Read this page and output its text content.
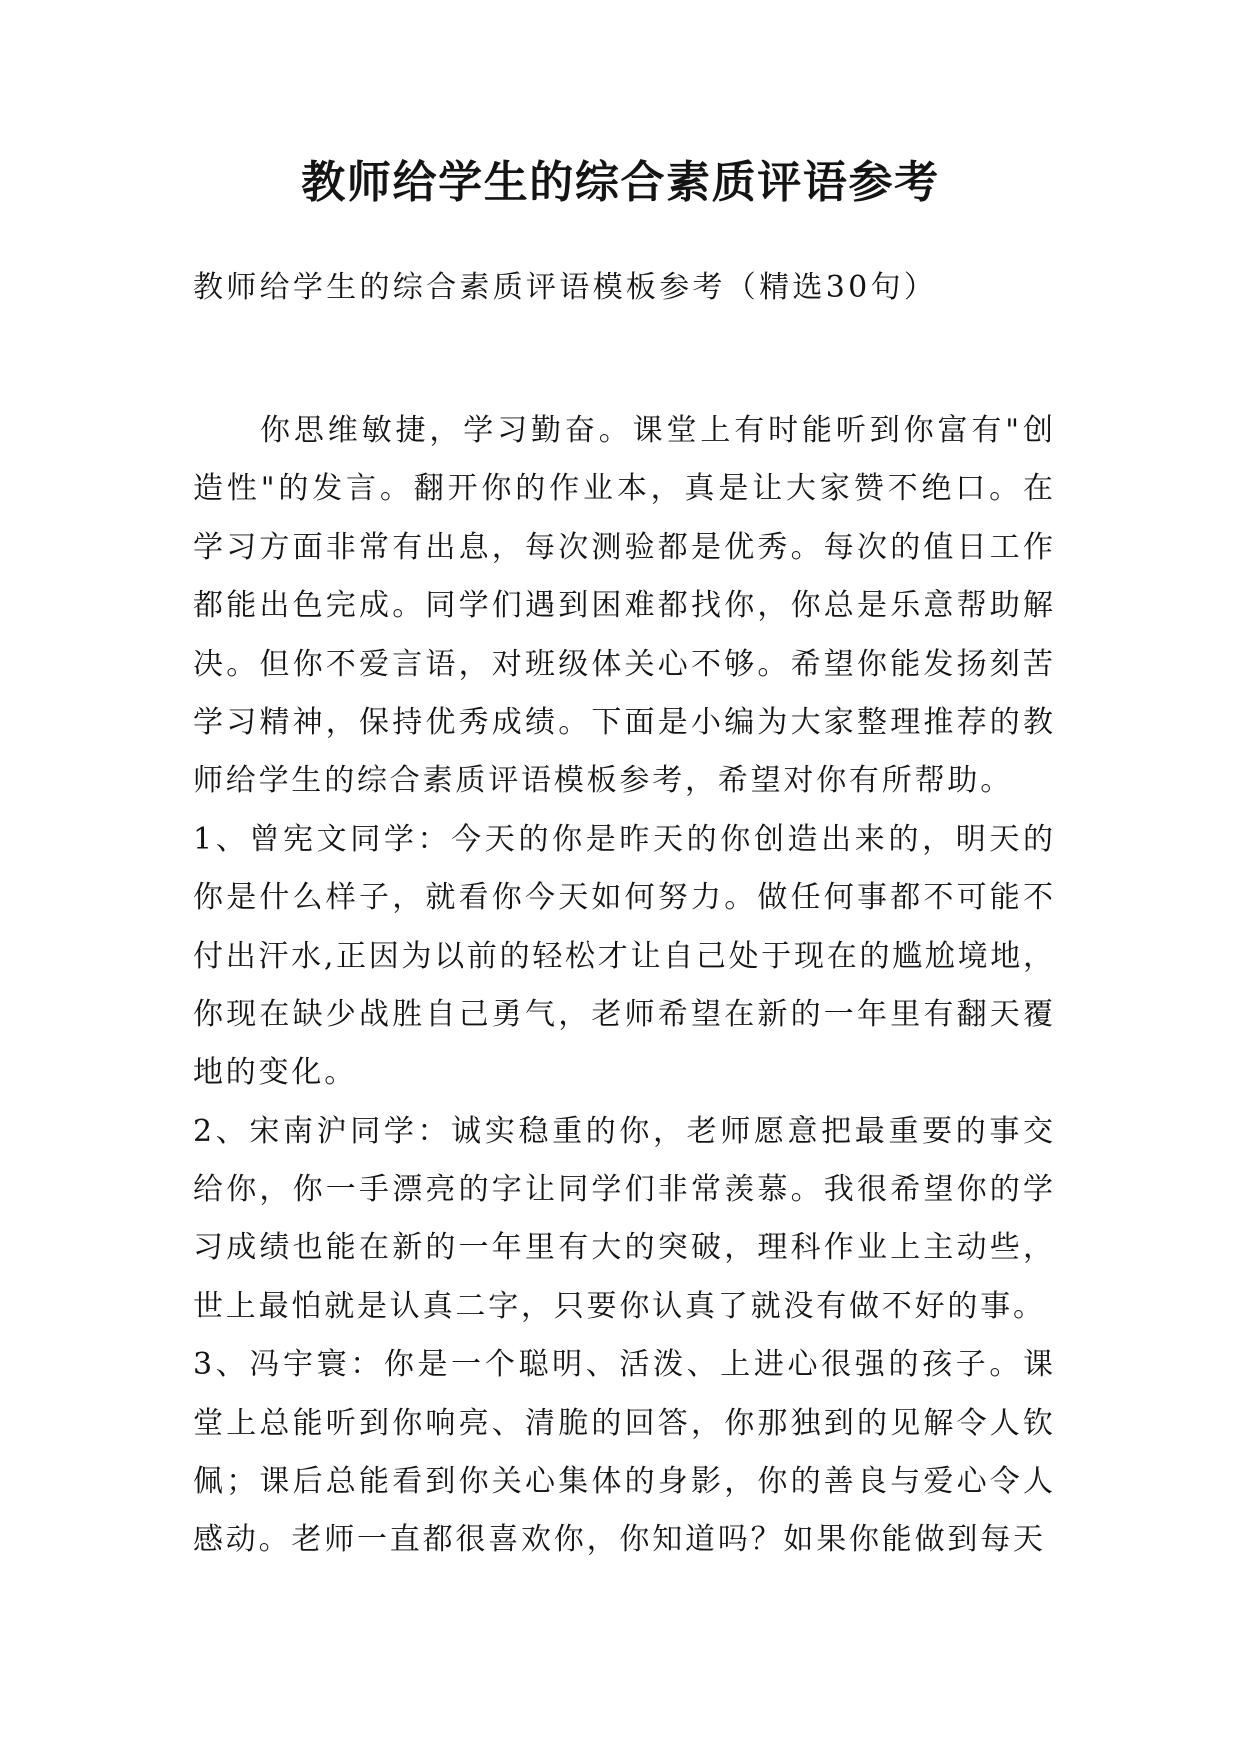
教师给学生的综合素质评语参考
教师给学生的综合素质评语模板参考（精选30句）
你思维敏捷，学习勤奋。课堂上有时能听到你富有"创
造性"的发言。翻开你的作业本，真是让大家赞不绝口。在
学习方面非常有出息，每次测验都是优秀。每次的值日工作
都能出色完成。同学们遇到困难都找你，你总是乐意帮助解
决。但你不爱言语，对班级体关心不够。希望你能发扬刻苦
学习精神，保持优秀成绩。下面是小编为大家整理推荐的教
师给学生的综合素质评语模板参考，希望对你有所帮助。
1、曾宪文同学：今天的你是昨天的你创造出来的，明天的
你是什么样子，就看你今天如何努力。做任何事都不可能不
付出汗水,正因为以前的轻松才让自己处于现在的尴尬境地，
你现在缺少战胜自己勇气，老师希望在新的一年里有翻天覆
地的变化。
2、宋南沪同学：诚实稳重的你，老师愿意把最重要的事交
给你，你一手漂亮的字让同学们非常羡慕。我很希望你的学
习成绩也能在新的一年里有大的突破，理科作业上主动些，
世上最怕就是认真二字，只要你认真了就没有做不好的事。
3、冯宇寰：你是一个聪明、活泼、上进心很强的孩子。课
堂上总能听到你响亮、清脆的回答，你那独到的见解令人钦
佩；课后总能看到你关心集体的身影，你的善良与爱心令人
感动。老师一直都很喜欢你，你知道吗？如果你能做到每天
